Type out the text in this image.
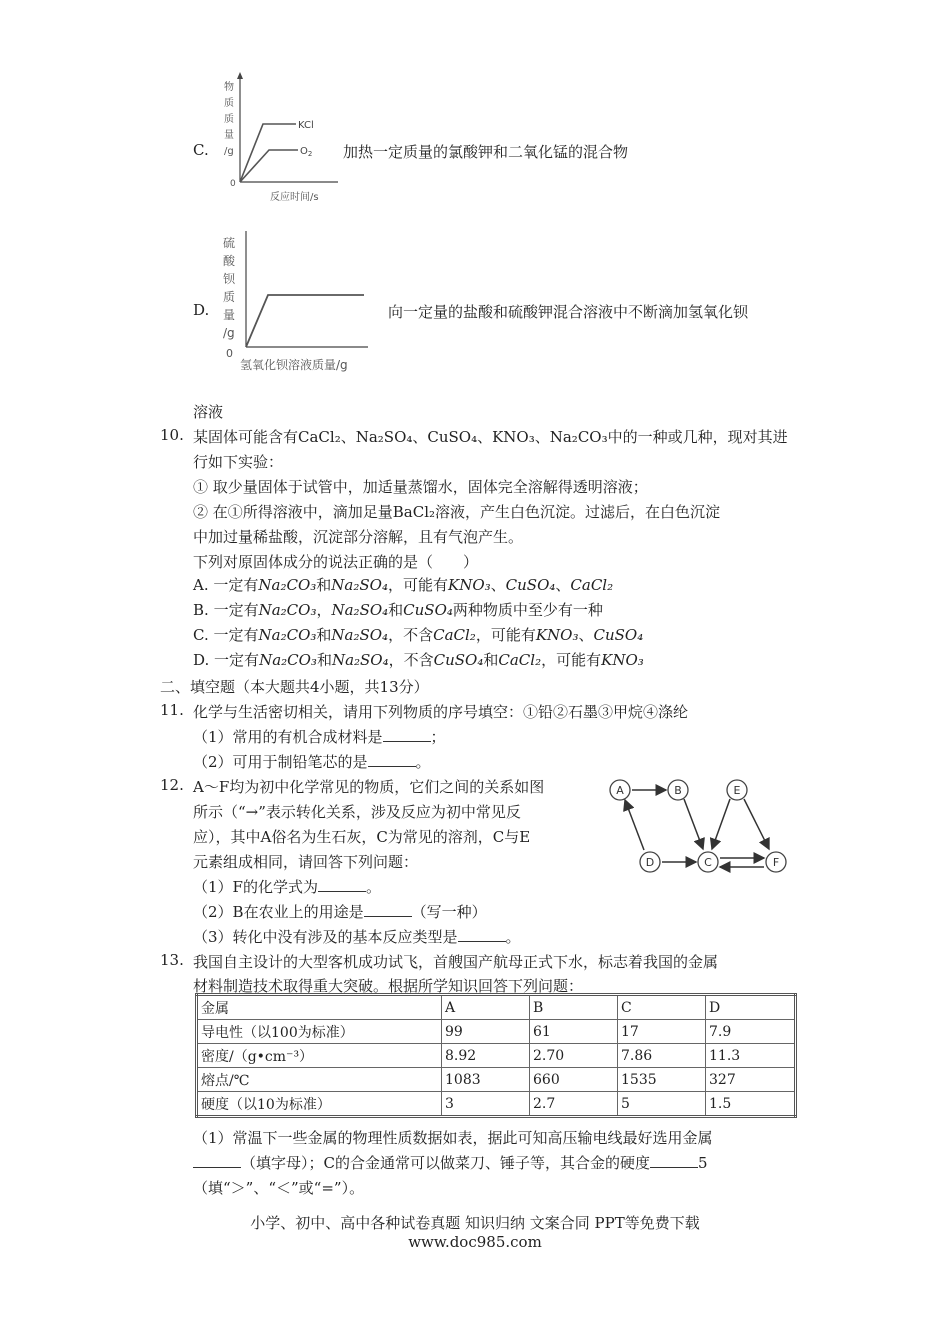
C.
物
质
质
量
/g
0
KCl
$O_2$
反应时间/s
加热一定质量的氯酸钾和二氧化锰的混合物
D.
硫
酸
钡
质
量
/g
0
氢氧化钡溶液质量/g
向一定量的盐酸和硫酸钾混合溶液中不断滴加氢氧化钡
溶液
10. 某固体可能含有CaCl₂、Na₂SO₄、CuSO₄、KNO₃、Na₂CO₃中的一种或几种，现对其进
行如下实验：
① 取少量固体于试管中，加适量蒸馏水，固体完全溶解得透明溶液；
② 在①所得溶液中，滴加足量BaCl₂溶液，产生白色沉淀。过滤后，在白色沉淀
中加过量稀盐酸，沉淀部分溶解，且有气泡产生。
下列对原固体成分的说法正确的是（　　）
A. 一定有Na₂CO₃和Na₂SO₄，可能有KNO₃、CuSO₄、CaCl₂
B. 一定有Na₂CO₃，Na₂SO₄和CuSO₄两种物质中至少有一种
C. 一定有Na₂CO₃和Na₂SO₄，不含CaCl₂，可能有KNO₃、CuSO₄
D. 一定有Na₂CO₃和Na₂SO₄，不含CuSO₄和CaCl₂，可能有KNO₃
二、填空题（本大题共4小题，共13分）
11. 化学与生活密切相关，请用下列物质的序号填空：①铅②石墨③甲烷④涤纶
（1）常用的有机合成材料是	；
（2）可用于制铅笔芯的是	。
12. A～F均为初中化学常见的物质，它们之间的关系如图
所示（“→”表示转化关系，涉及反应为初中常见反
应），其中A俗名为生石灰，C为常见的溶剂，C与E
元素组成相同，请回答下列问题：
（1）F的化学式为	。
（2）B在农业上的用途是	（写一种）
（3）转化中没有涉及的基本反应类型是	。
A	B
C
D
E
F
13. 我国自主设计的大型客机成功试飞，首艘国产航母正式下水，标志着我国的金属
材料制造技术取得重大突破。根据所学知识回答下列问题：
金属	A	B	C	D
导电性（以100为标准）	99	61	17	7.9
密度/（g•cm⁻³）	8.92	2.70	7.86	11.3
熔点/℃	1083	660	1535	327
硬度（以10为标准）	3	2.7	5	1.5
（1）常温下一些金属的物理性质数据如表，据此可知高压输电线最好选用金属
（填字母）；C的合金通常可以做菜刀、锤子等，其合金的硬度	5
（填“＞”、“＜”或“=”）。
小学、初中、高中各种试卷真题 知识归纳 文案合同 PPT等免费下载
www.doc985.com
